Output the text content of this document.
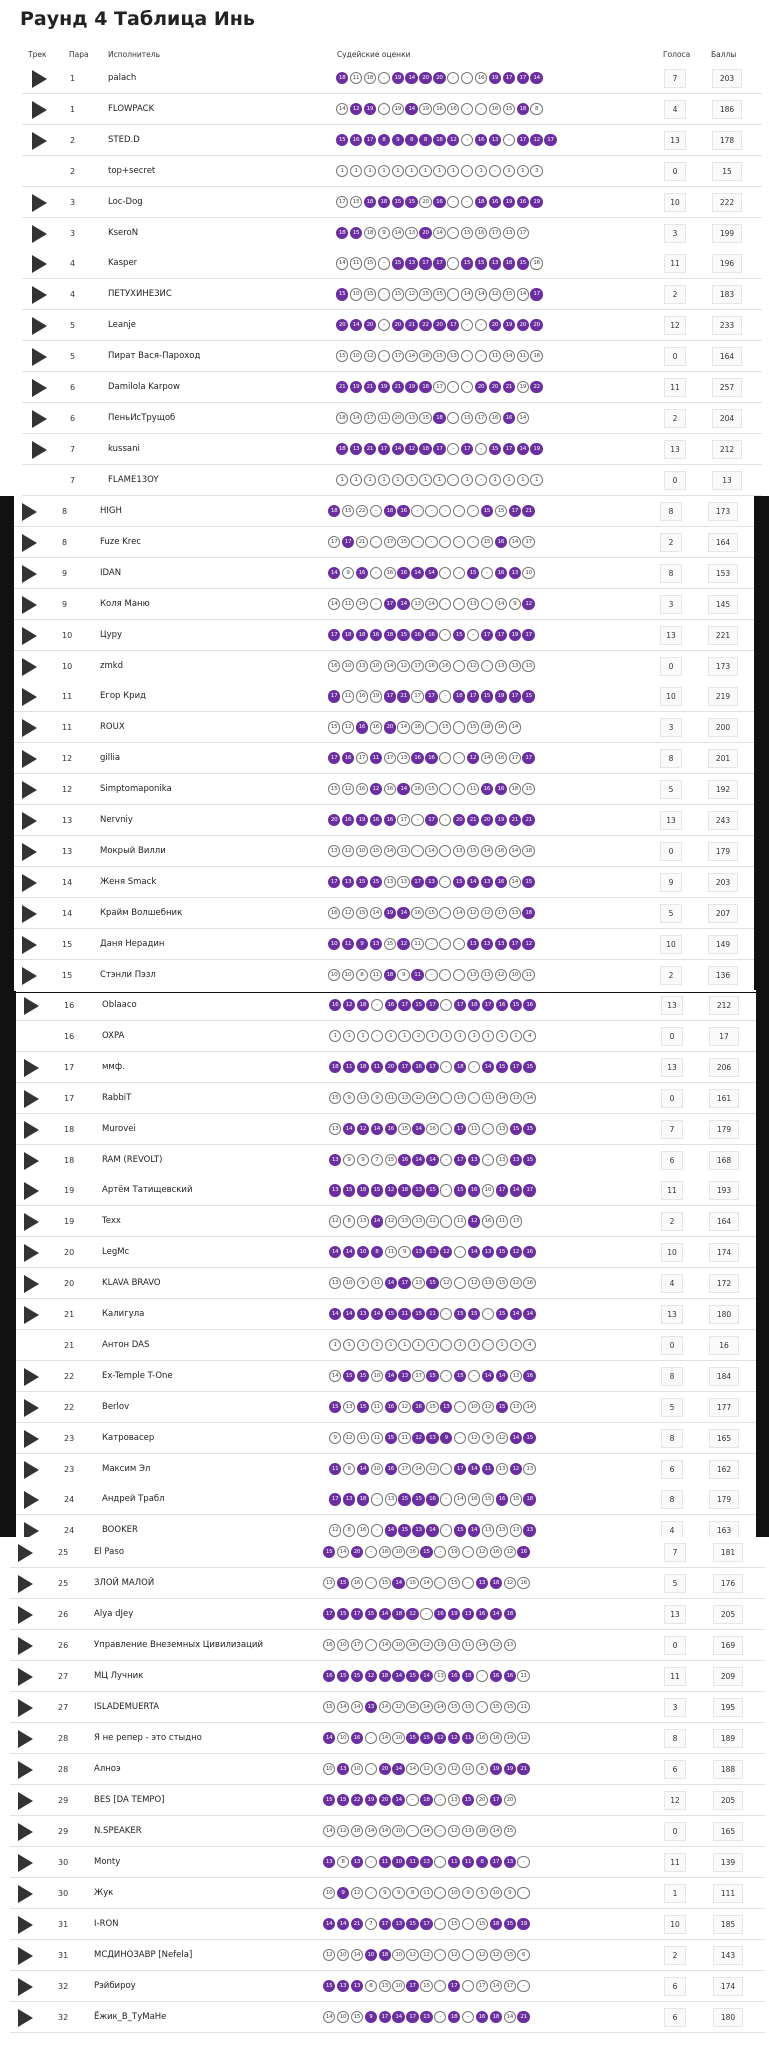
Раунд 4 Таблица Инь
Трек	Пара	Исполнитель	Судейские оценки	Голоса	Баллы
1	palach	18	11	18	-	19	14	20	20	-	-	16	19	17	17	14	7	203
1	FLOWPACK	14	12	19	-	19	14	19	16	16	-	-	16	15	18	8	4	186
2	STED.D	15	16	17	8	9	8	8	18	12	-	16	13	-	17	12	17	13	178
2	top+secret	1	1	1	1	1	1	1	1	1	-	1	-	1	1	3	0	15
3	Loc-Dog	17	15	18	18	15	15	20	16	-	-	18	16	19	16	19	10	222
3	KseroN	18	15	18	9	14	13	20	14	-	15	16	17	13	17	3	199
4	Kasper	14	11	15	-	15	13	17	17	-	15	15	13	18	15	16	11	196
4	ПЕТУХИНЕЗИС	15	10	15	-	15	12	15	15	-	14	14	12	15	14	17	2	183
5	Leanje	20	14	20	-	20	21	22	20	17	-	-	20	19	20	20	12	233
5	Пират Вася-Пароход	15	10	12	-	17	14	16	15	13	-	-	11	14	11	16	0	164
6	Damilola Karpow	21	19	21	19	21	19	18	17	-	-	20	20	21	19	22	11	257
6	ПеньИсТрущоб	18	14	17	11	20	13	15	18	-	15	17	16	16	14	2	204
7	kussani	18	13	21	17	14	12	18	17	-	17	-	15	17	14	19	13	212
7	FLAME13OY	1	1	1	1	1	1	1	1	-	1	-	1	1	1	1	0	13
8	HIGH	18	15	22	-	18	16	-	-	-	-	-	15	15	17	21	8	173
8	Fuze Krec	17	17	21	-	17	15	-	-	-	-	-	15	16	14	17	2	164
9	IDAN	14	9	16	-	16	16	14	14	-	-	15	-	16	13	10	8	153
9	Коля Маню	14	11	14	-	17	14	13	14	-	-	13	-	14	9	12	3	145
10	Цуру	17	18	18	16	18	15	16	16	-	15	-	17	17	19	17	13	221
10	zmkd	16	10	13	10	14	12	17	16	16	-	12	-	13	13	13	0	173
11	Егор Крид	17	11	16	19	17	21	17	17	-	18	17	15	19	17	15	10	219
11	ROUX	15	12	16	16	20	14	16	-	15	-	15	18	16	14	3	200
12	gillia	17	16	17	11	17	13	16	16	-	-	12	14	16	17	17	8	201
12	Simptomaponika	15	12	16	12	16	14	16	15	-	-	11	16	16	18	15	5	192
13	Nervniy	20	16	19	16	16	17	-	17	-	20	21	20	19	21	21	13	243
13	Мокрый Вилли	13	12	10	15	14	11	-	14	-	13	15	14	16	14	18	0	179
14	Женя Smack	17	13	15	15	13	13	17	13	-	15	14	13	16	14	15	9	203
14	Крайм Волшебник	16	12	15	14	19	14	16	15	-	14	12	12	17	13	18	5	207
15	Даня Нерадин	10	11	9	13	15	12	11	-	-	-	13	13	13	17	12	10	149
15	Стэнли Пэзл	10	10	8	11	18	9	11	-	-	-	13	13	12	10	11	2	136
16	Oblaaco	16	12	18	-	16	17	15	17	-	17	18	17	16	15	16	13	212
16	OXPA	1	1	1	-	1	1	2	1	1	1	1	1	1	1	4	0	17
17	ммф.	18	11	18	11	20	17	16	17	-	18	-	14	15	17	15	13	206
17	RabbiT	15	9	13	9	11	13	12	14	-	13	-	11	14	13	14	0	161
18	Murovei	13	14	12	14	16	15	14	16	-	17	11	-	13	15	15	7	179
18	RAM (REVOLT)	13	9	9	7	15	16	14	14	-	17	13	-	13	13	15	6	168
19	Артём Татищевский	13	15	18	15	12	18	13	15	-	15	16	10	17	14	17	11	193
19	Texx	12	8	13	14	12	13	13	12	-	11	12	16	11	13	2	164
20	LegMc	14	14	10	8	11	9	13	13	12	-	14	13	15	12	16	10	174
20	KLAVA BRAVO	13	10	9	11	14	17	13	15	12	-	12	13	15	12	16	4	172
21	Калигула	14	14	13	14	15	11	15	11	-	15	15	-	15	14	14	13	180
21	Антон DAS	1	1	1	1	1	1	1	1	-	1	1	-	1	1	4	0	16
22	Ex-Temple T-One	14	15	15	10	14	13	17	15	-	15	-	14	14	13	16	8	184
22	Berlov	15	13	15	11	16	12	16	15	13	-	10	12	15	13	14	5	177
23	Катровасер	9	12	11	11	15	11	12	13	9	-	12	9	12	14	15	8	165
23	Максим Эл	11	9	14	10	16	17	14	12	-	17	14	11	13	12	13	6	162
24	Андрей Трабл	17	13	18	-	13	15	15	16	-	14	16	15	16	15	18	8	179
24	BOOKER	12	8	16	-	14	15	13	14	-	15	14	13	13	13	13	4	163
25	El Paso	15	14	20	-	16	10	16	15	-	19	-	12	16	12	16	7	181
25	ЗЛОЙ МАЛОЙ	13	15	16	-	15	14	15	14	-	15	-	13	18	12	16	5	176
26	Alya dJey	17	15	17	15	14	18	12	-	16	19	13	16	14	18	13	205
26	Управление Внеземных Цивилизаций	16	10	17	-	14	10	16	12	13	11	11	14	12	13	0	169
27	МЦ Лучник	16	15	15	12	18	14	15	14	13	16	18	-	16	16	11	11	209
27	ISLADEMUERTA	15	14	14	13	14	12	15	14	14	15	15	-	15	15	11	3	195
28	Я не репер - это стыдно	14	10	16	-	14	10	15	15	12	12	11	16	16	19	12	8	189
28	Алноэ	10	13	10	-	20	14	14	12	9	12	11	8	19	19	21	6	188
29	BES [DA TEMPO]	15	15	22	19	20	14	-	18	-	13	15	20	17	20	12	205
29	N.SPEAKER	14	12	18	14	14	10	-	14	-	12	13	18	14	15	0	165
30	Monty	13	8	13	-	11	10	11	13	-	11	11	8	17	13	-	11	139
30	Жук	10	9	12	-	9	9	8	11	-	10	9	5	10	9	-	1	111
31	I-RON	14	14	21	7	17	13	15	17	-	15	-	15	18	15	19	10	185
31	МСДИНОЗАВР [Nefela]	12	10	14	10	18	10	12	12	-	12	-	12	12	15	6	2	143
32	Рэйбироу	15	13	13	8	13	10	17	15	-	17	-	17	14	17	-	6	174
32	Ёжик_В_ТуМаНе	14	10	15	9	17	14	17	13	-	18	-	16	18	14	21	6	180
